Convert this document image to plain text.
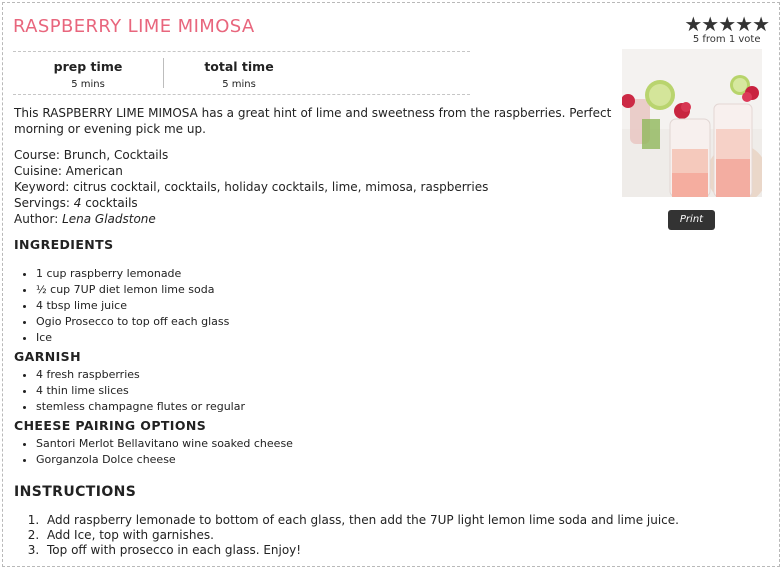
RASPBERRY LIME MIMOSA	★★★★★
5 from 1 vote
prep time
5 mins
total time
5 mins
Print

This RASPBERRY LIME MIMOSA has a great hint of lime and sweetness from the raspberries. Perfect morning or evening pick me up.

Course: Brunch, Cocktails
Cuisine: American
Keyword: citrus cocktail, cocktails, holiday cocktails, lime, mimosa, raspberries
Servings: 4 cocktails
Author: Lena Gladstone
INGREDIENTS
• 1 cup raspberry lemonade
• ½ cup 7UP diet lemon lime soda
• 4 tbsp lime juice
• Ogio Prosecco to top off each glass
• Ice
GARNISH
• 4 fresh raspberries
• 4 thin lime slices
• stemless champagne flutes or regular
CHEESE PAIRING OPTIONS
• Santori Merlot Bellavitano wine soaked cheese
• Gorganzola Dolce cheese
INSTRUCTIONS
1. Add raspberry lemonade to bottom of each glass, then add the 7UP light lemon lime soda and lime juice.
2. Add Ice, top with garnishes.
3. Top off with prosecco in each glass. Enjoy!
